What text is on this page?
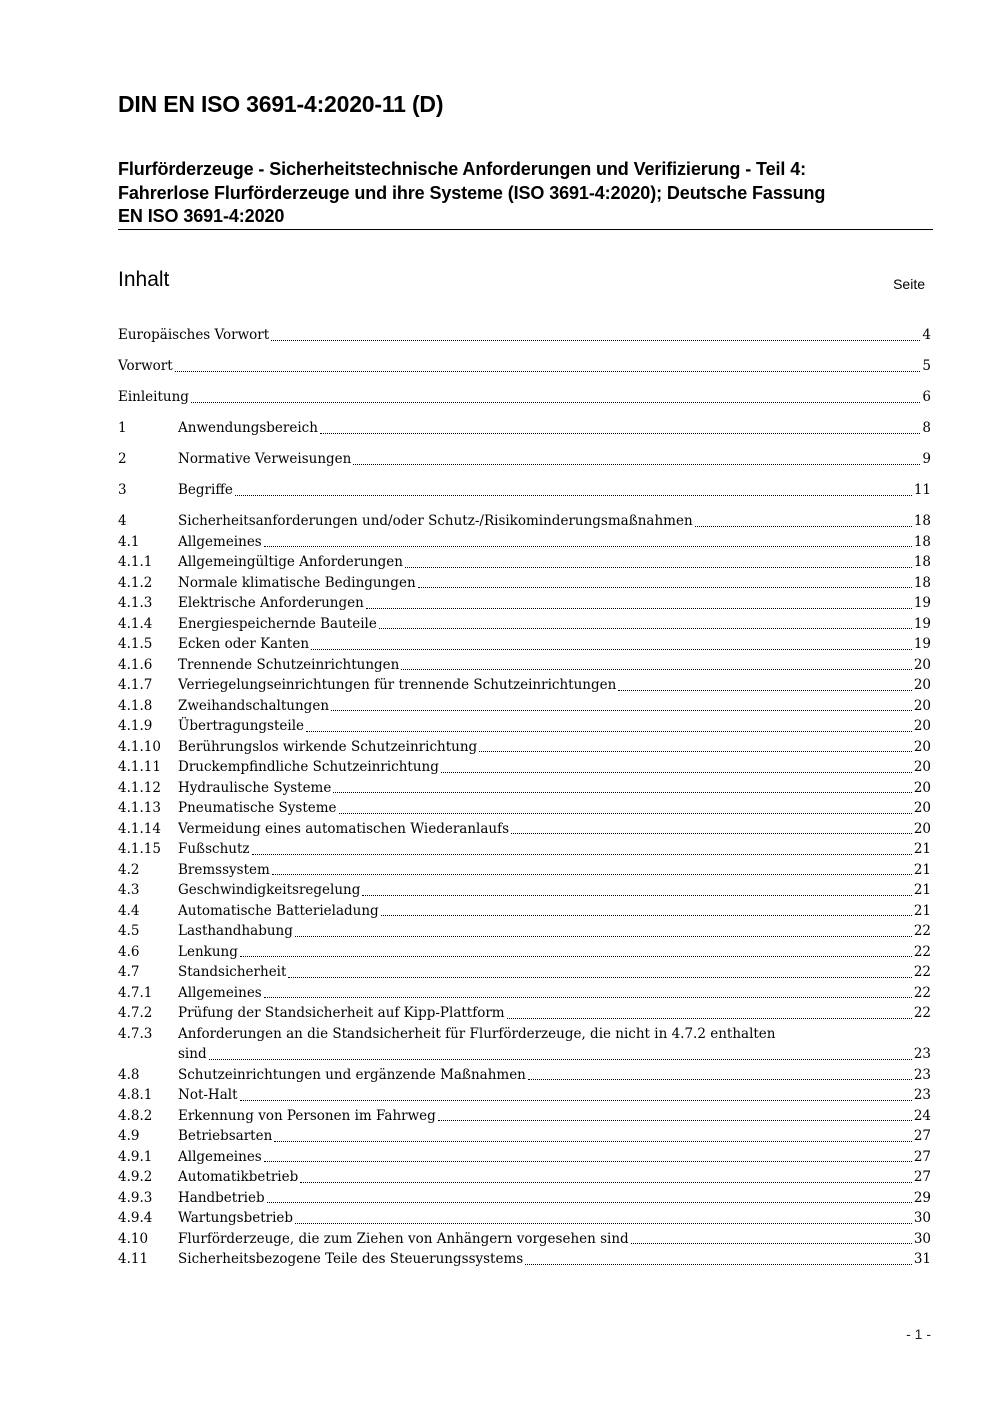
DIN EN ISO 3691-4:2020-11 (D)
Flurförderzeuge - Sicherheitstechnische Anforderungen und Verifizierung - Teil 4:
Fahrerlose Flurförderzeuge und ihre Systeme (ISO 3691-4:2020); Deutsche Fassung
EN ISO 3691-4:2020
Inhalt	Seite
Europäisches Vorwort	4
Vorwort	5
Einleitung	6
1	Anwendungsbereich	8
2	Normative Verweisungen	9
3	Begriffe	11
4	Sicherheitsanforderungen und/oder Schutz-/Risikominderungsmaßnahmen	18
4.1	Allgemeines	18
4.1.1	Allgemeingültige Anforderungen	18
4.1.2	Normale klimatische Bedingungen	18
4.1.3	Elektrische Anforderungen	19
4.1.4	Energiespeichernde Bauteile	19
4.1.5	Ecken oder Kanten	19
4.1.6	Trennende Schutzeinrichtungen	20
4.1.7	Verriegelungseinrichtungen für trennende Schutzeinrichtungen	20
4.1.8	Zweihandschaltungen	20
4.1.9	Übertragungsteile	20
4.1.10	Berührungslos wirkende Schutzeinrichtung	20
4.1.11	Druckempfindliche Schutzeinrichtung	20
4.1.12	Hydraulische Systeme	20
4.1.13	Pneumatische Systeme	20
4.1.14	Vermeidung eines automatischen Wiederanlaufs	20
4.1.15	Fußschutz	21
4.2	Bremssystem	21
4.3	Geschwindigkeitsregelung	21
4.4	Automatische Batterieladung	21
4.5	Lasthandhabung	22
4.6	Lenkung	22
4.7	Standsicherheit	22
4.7.1	Allgemeines	22
4.7.2	Prüfung der Standsicherheit auf Kipp-Plattform	22
4.7.3	Anforderungen an die Standsicherheit für Flurförderzeuge, die nicht in 4.7.2 enthalten
sind	23
4.8	Schutzeinrichtungen und ergänzende Maßnahmen	23
4.8.1	Not-Halt	23
4.8.2	Erkennung von Personen im Fahrweg	24
4.9	Betriebsarten	27
4.9.1	Allgemeines	27
4.9.2	Automatikbetrieb	27
4.9.3	Handbetrieb	29
4.9.4	Wartungsbetrieb	30
4.10	Flurförderzeuge, die zum Ziehen von Anhängern vorgesehen sind	30
4.11	Sicherheitsbezogene Teile des Steuerungssystems	31
- 1 -
